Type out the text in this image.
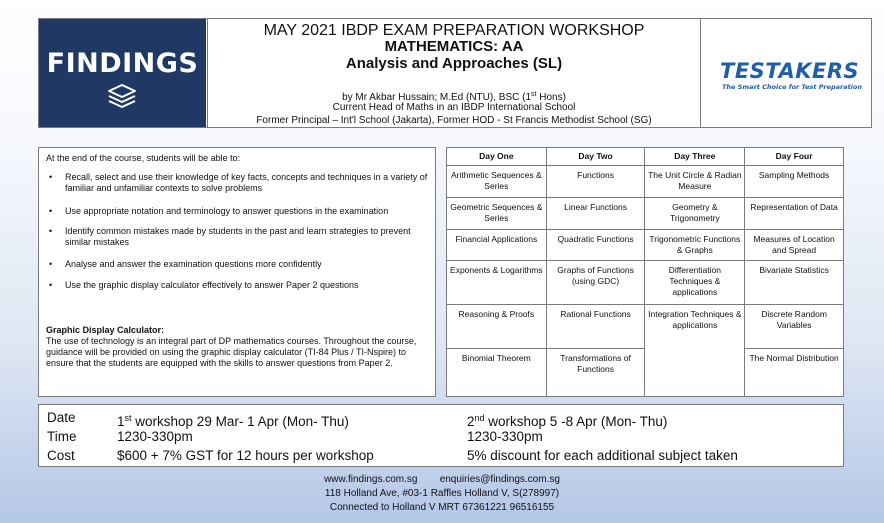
FINDINGS
MAY 2021 IBDP EXAM PREPARATION WORKSHOP
MATHEMATICS: AA
Analysis and Approaches (SL)
by Mr Akbar Hussain; M.Ed (NTU), BSC (1st Hons)
Current Head of Maths in an IBDP International School
Former Principal – Int'l School (Jakarta), Former HOD - St Francis Methodist School (SG)
TESTAKERS
The Smart Choice for Test Preparation
At the end of the course, students will be able to:
• Recall, select and use their knowledge of key facts, concepts and techniques in a variety of familiar and unfamiliar contexts to solve problems
• Use appropriate notation and terminology to answer questions in the examination
• Identify common mistakes made by students in the past and learn strategies to prevent similar mistakes
• Analyse and answer the examination questions more confidently
• Use the graphic display calculator effectively to answer Paper 2 questions
Graphic Display Calculator:
The use of technology is an integral part of DP mathematics courses. Throughout the course, guidance will be provided on using the graphic display calculator (TI-84 Plus / TI-Nspire) to ensure that the students are equipped with the skills to answer questions from Paper 2.
Day One	Day Two	Day Three	Day Four
Arithmetic Sequences & Series	Functions	The Unit Circle & Radian Measure	Sampling Methods
Geometric Sequences & Series	Linear Functions	Geometry & Trigonometry	Representation of Data
Financial Applications	Quadratic Functions	Trigonometric Functions & Graphs	Measures of Location and Spread
Exponents & Logarithms	Graphs of Functions (using GDC)	Differentiation Techniques & applications	Bivariate Statistics
Reasoning & Proofs	Rational Functions	Integration Techniques & applications	Discrete Random Variables
Binomial Theorem	Transformations of Functions		The Normal Distribution
Date	1st workshop 29 Mar- 1 Apr (Mon- Thu)	2nd workshop 5 -8 Apr (Mon- Thu)
Time	1230-330pm	1230-330pm
Cost	$600 + 7% GST for 12 hours per workshop	5% discount for each additional subject taken
www.findings.com.sg enquiries@findings.com.sg
118 Holland Ave, #03-1 Raffles Holland V, S(278997)
Connected to Holland V MRT 67361221 96516155
